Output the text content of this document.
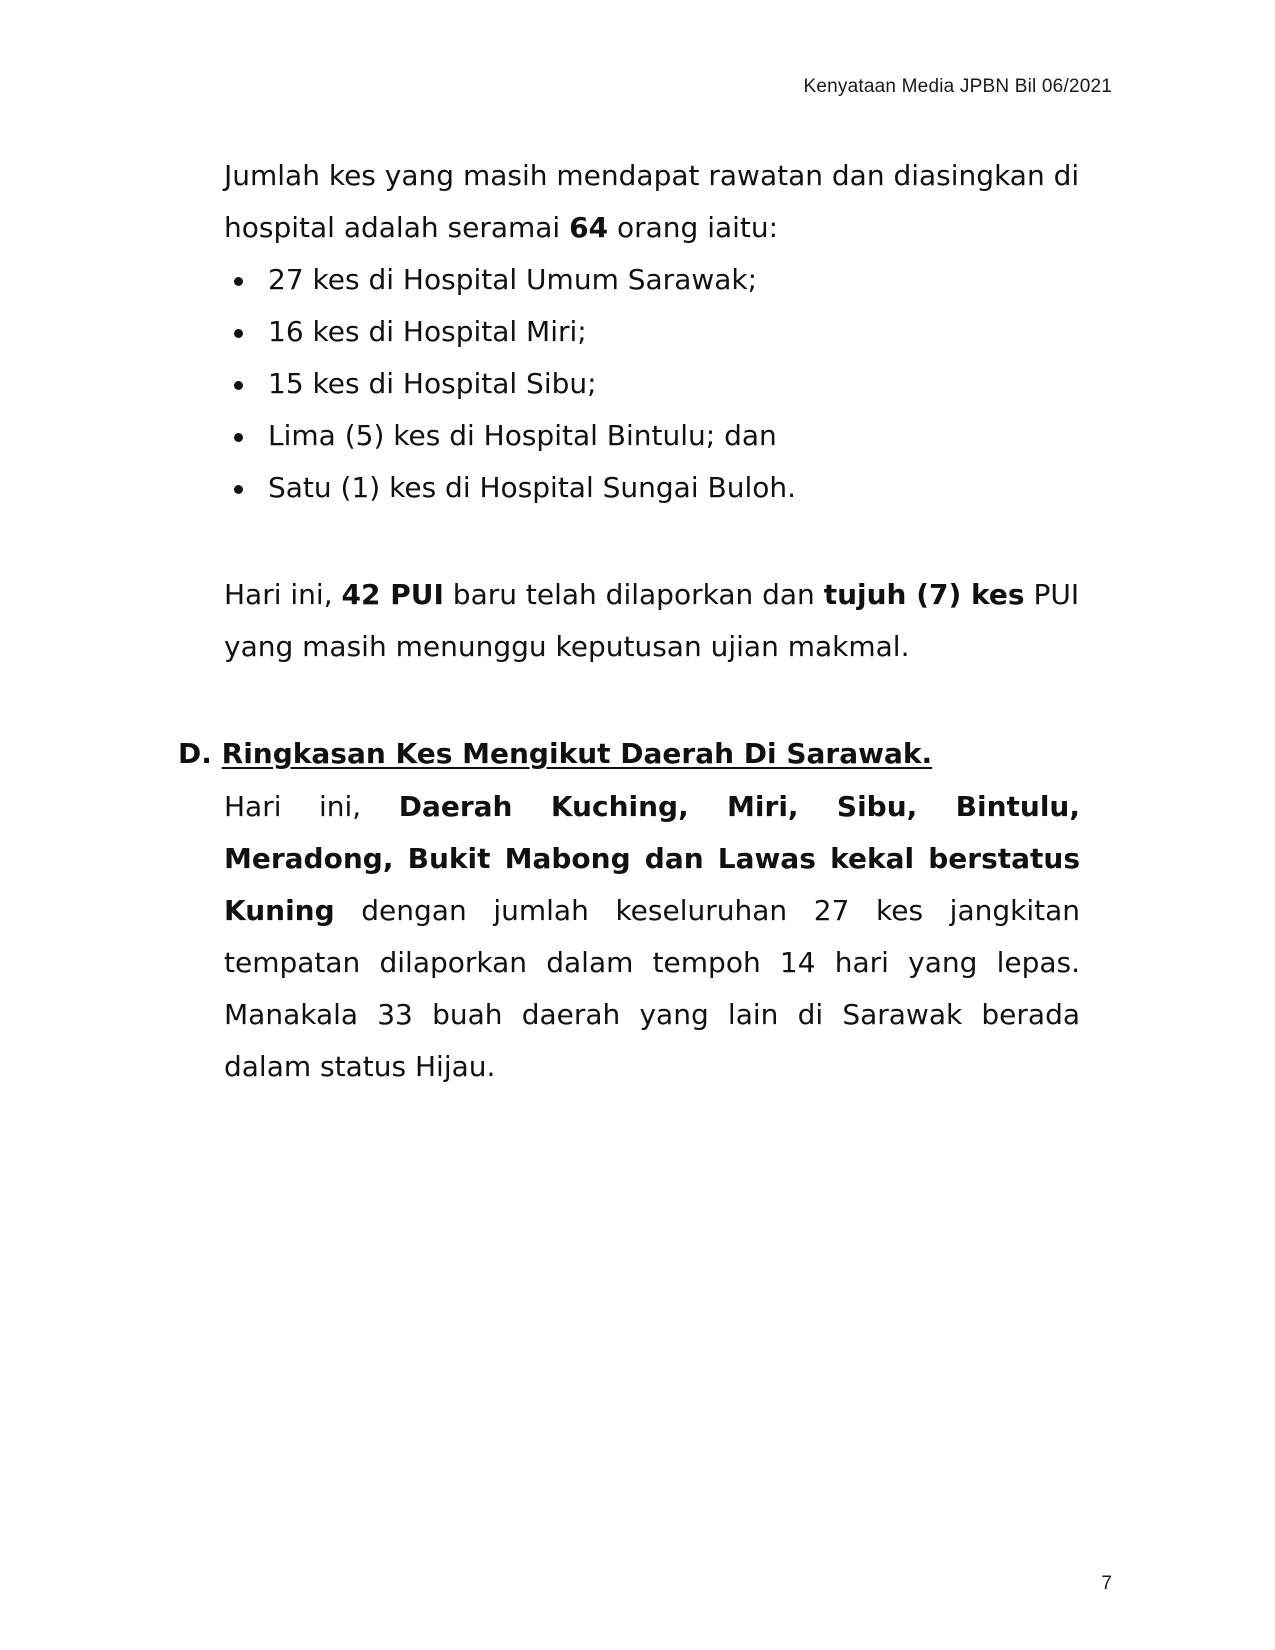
Kenyataan Media JPBN Bil 06/2021
Jumlah kes yang masih mendapat rawatan dan diasingkan di hospital adalah seramai 64 orang iaitu:
27 kes di Hospital Umum Sarawak;
16 kes di Hospital Miri;
15 kes di Hospital Sibu;
Lima (5) kes di Hospital Bintulu; dan
Satu (1) kes di Hospital Sungai Buloh.
Hari ini, 42 PUI baru telah dilaporkan dan tujuh (7) kes PUI yang masih menunggu keputusan ujian makmal.
D. Ringkasan Kes Mengikut Daerah Di Sarawak.
Hari ini, Daerah Kuching, Miri, Sibu, Bintulu, Meradong, Bukit Mabong dan Lawas kekal berstatus Kuning dengan jumlah keseluruhan 27 kes jangkitan tempatan dilaporkan dalam tempoh 14 hari yang lepas. Manakala 33 buah daerah yang lain di Sarawak berada dalam status Hijau.
7
